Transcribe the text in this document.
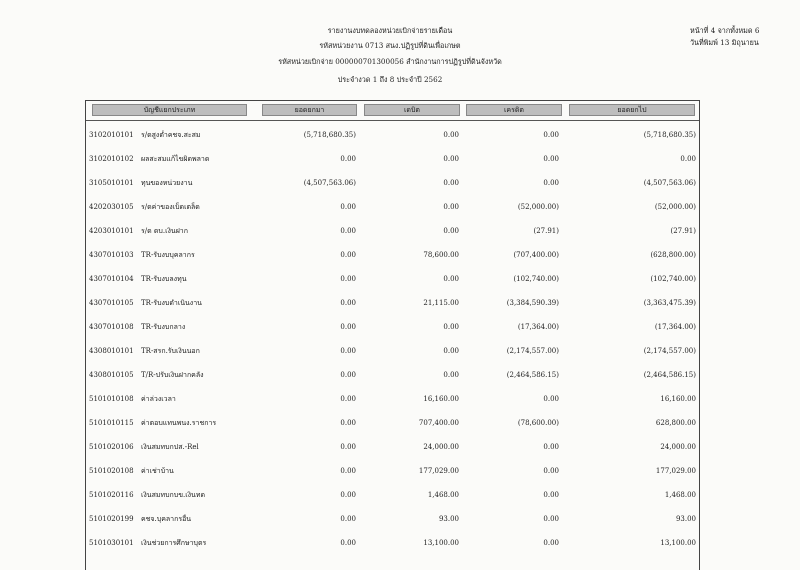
รายงานงบทดลองหน่วยเบิกจ่ายรายเดือน
รหัสหน่วยงาน 0713 สนง.ปฏิรูปที่ดินเพื่อเกษต
รหัสหน่วยเบิกจ่าย 000000701300056 สำนักงานการปฏิรูปที่ดินจังหวัด
ประจำงวด 1 ถึง 8 ประจำปี 2562
หน้าที่ 4 จากทั้งหมด 6
วันที่พิมพ์ 13 มิถุนายน
บัญชีแยกประเภท	ยอดยกมา	เดบิต	เครดิต	ยอดยกไป
3102010101 ร/ดสูงต่ำคชจ.สะสม	(5,718,680.35)	0.00	0.00	(5,718,680.35)
3102010102 ผลสะสมแก้ไขผิดพลาด	0.00	0.00	0.00	0.00
3105010101 ทุนของหน่วยงาน	(4,507,563.06)	0.00	0.00	(4,507,563.06)
4202030105 ร/ดค่าของเบ็ดเตล็ด	0.00	0.00	(52,000.00)	(52,000.00)
4203010101 ร/ด ดบ.เงินฝาก	0.00	0.00	(27.91)	(27.91)
4307010103 TR-รับงบบุคลากร	0.00	78,600.00	(707,400.00)	(628,800.00)
4307010104 TR-รับงบลงทุน	0.00	0.00	(102,740.00)	(102,740.00)
4307010105 TR-รับงบดำเนินงาน	0.00	21,115.00	(3,384,590.39)	(3,363,475.39)
4307010108 TR-รับงบกลาง	0.00	0.00	(17,364.00)	(17,364.00)
4308010101 TR-สรก.รับเงินนอก	0.00	0.00	(2,174,557.00)	(2,174,557.00)
4308010105 T/R-ปรับเงินฝากคลัง	0.00	0.00	(2,464,586.15)	(2,464,586.15)
5101010108 ค่าล่วงเวลา	0.00	16,160.00	0.00	16,160.00
5101010115 ค่าตอบแทนพนง.ราชการ	0.00	707,400.00	(78,600.00)	628,800.00
5101020106 เงินสมทบกปส.-Rel	0.00	24,000.00	0.00	24,000.00
5101020108 ค่าเช่าบ้าน	0.00	177,029.00	0.00	177,029.00
5101020116 เงินสมทบกบข.เงินทด	0.00	1,468.00	0.00	1,468.00
5101020199 คชจ.บุคลากรอื่น	0.00	93.00	0.00	93.00
5101030101 เงินช่วยการศึกษาบุตร	0.00	13,100.00	0.00	13,100.00
